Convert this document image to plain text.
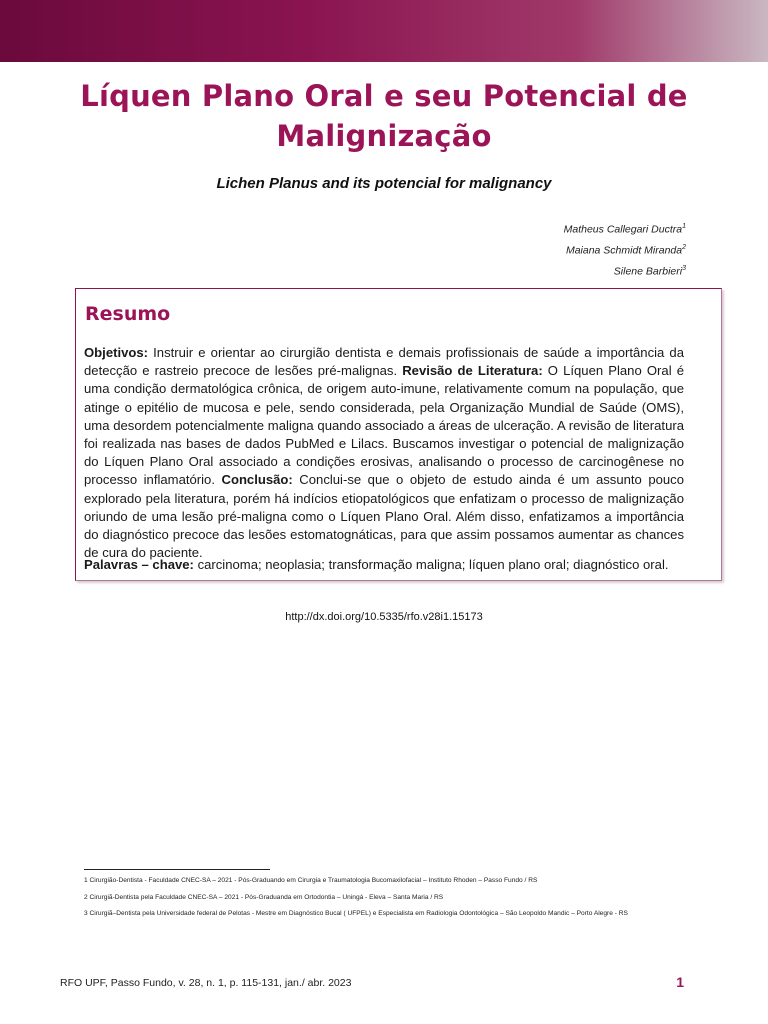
Líquen Plano Oral e seu Potencial de Malignização
Lichen Planus and its potencial for malignancy
Matheus Callegari Ductra$^1$
Maiana Schmidt Miranda$^2$
Silene Barbieri$^3$
Resumo

Objetivos: Instruir e orientar ao cirurgião dentista e demais profissionais de saúde a importância da detecção e rastreio precoce de lesões pré-malignas. Revisão de Literatura: O Líquen Plano Oral é uma condição dermatológica crônica, de origem auto-imune, relativamente comum na população, que atinge o epitélio de mucosa e pele, sendo considerada, pela Organização Mundial de Saúde (OMS), uma desordem potencialmente maligna quando associado a áreas de ulceração. A revisão de literatura foi realizada nas bases de dados PubMed e Lilacs. Buscamos investigar o potencial de malignização do Líquen Plano Oral associado a condições erosivas, analisando o processo de carcinogênese no processo inflamatório. Conclusão: Conclui-se que o objeto de estudo ainda é um assunto pouco explorado pela literatura, porém há indícios etiopatológicos que enfatizam o processo de malignização oriundo de uma lesão pré-maligna como o Líquen Plano Oral. Além disso, enfatizamos a importância do diagnóstico precoce das lesões estomatognáticas, para que assim possamos aumentar as chances de cura do paciente.

Palavras – chave: carcinoma; neoplasia; transformação maligna; líquen plano oral; diagnóstico oral.

http://dx.doi.org/10.5335/rfo.v28i1.15173

1 Cirurgião-Dentista - Faculdade CNEC-SA – 2021 - Pós-Graduando em Cirurgia e Traumatologia Bucomaxilofacial – Instituto Rhoden – Passo Fundo / RS

2 Cirurgiã-Dentista pela Faculdade CNEC-SA – 2021 - Pós-Graduanda em Ortodontia – Uningá - Eleva – Santa Maria / RS

3 Cirurgiã–Dentista pela Universidade federal de Pelotas - Mestre em Diagnóstico Bucal ( UFPEL) e Especialista em Radiologia Odontológica – São Leopoldo Mandic – Porto Alegre - RS

RFO UPF, Passo Fundo, v. 28, n. 1, p. 115-131, jan./ abr. 2023	1
